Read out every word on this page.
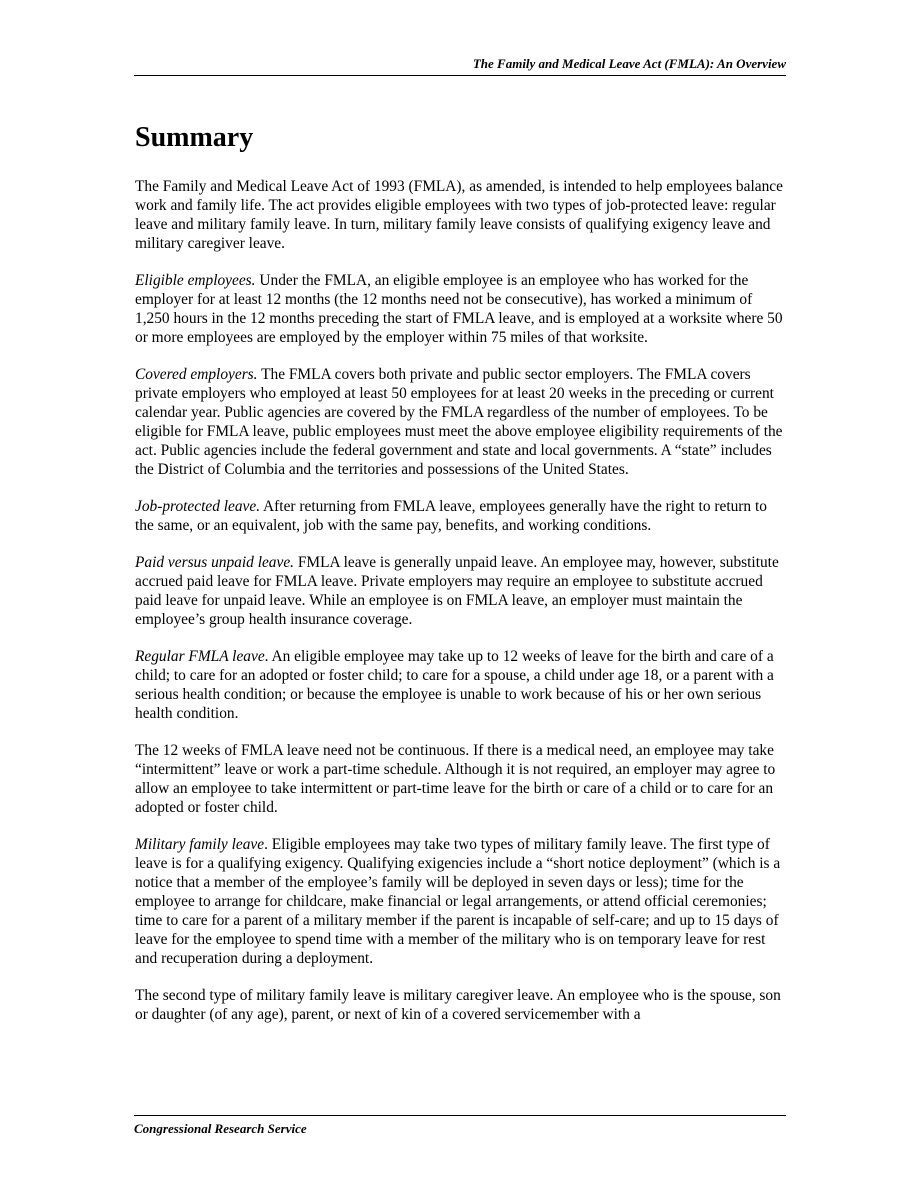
The Family and Medical Leave Act (FMLA): An Overview
Summary

The Family and Medical Leave Act of 1993 (FMLA), as amended, is intended to help employees balance work and family life. The act provides eligible employees with two types of job-protected leave: regular leave and military family leave. In turn, military family leave consists of qualifying exigency leave and military caregiver leave.

Eligible employees. Under the FMLA, an eligible employee is an employee who has worked for the employer for at least 12 months (the 12 months need not be consecutive), has worked a minimum of 1,250 hours in the 12 months preceding the start of FMLA leave, and is employed at a worksite where 50 or more employees are employed by the employer within 75 miles of that worksite.

Covered employers. The FMLA covers both private and public sector employers. The FMLA covers private employers who employed at least 50 employees for at least 20 weeks in the preceding or current calendar year. Public agencies are covered by the FMLA regardless of the number of employees. To be eligible for FMLA leave, public employees must meet the above employee eligibility requirements of the act. Public agencies include the federal government and state and local governments. A “state” includes the District of Columbia and the territories and possessions of the United States.

Job-protected leave. After returning from FMLA leave, employees generally have the right to return to the same, or an equivalent, job with the same pay, benefits, and working conditions.

Paid versus unpaid leave. FMLA leave is generally unpaid leave. An employee may, however, substitute accrued paid leave for FMLA leave. Private employers may require an employee to substitute accrued paid leave for unpaid leave. While an employee is on FMLA leave, an employer must maintain the employee’s group health insurance coverage.

Regular FMLA leave. An eligible employee may take up to 12 weeks of leave for the birth and care of a child; to care for an adopted or foster child; to care for a spouse, a child under age 18, or a parent with a serious health condition; or because the employee is unable to work because of his or her own serious health condition.

The 12 weeks of FMLA leave need not be continuous. If there is a medical need, an employee may take “intermittent” leave or work a part-time schedule. Although it is not required, an employer may agree to allow an employee to take intermittent or part-time leave for the birth or care of a child or to care for an adopted or foster child.

Military family leave. Eligible employees may take two types of military family leave. The first type of leave is for a qualifying exigency. Qualifying exigencies include a “short notice deployment” (which is a notice that a member of the employee’s family will be deployed in seven days or less); time for the employee to arrange for childcare, make financial or legal arrangements, or attend official ceremonies; time to care for a parent of a military member if the parent is incapable of self-care; and up to 15 days of leave for the employee to spend time with a member of the military who is on temporary leave for rest and recuperation during a deployment.

The second type of military family leave is military caregiver leave. An employee who is the spouse, son or daughter (of any age), parent, or next of kin of a covered servicemember with a

Congressional Research Service
